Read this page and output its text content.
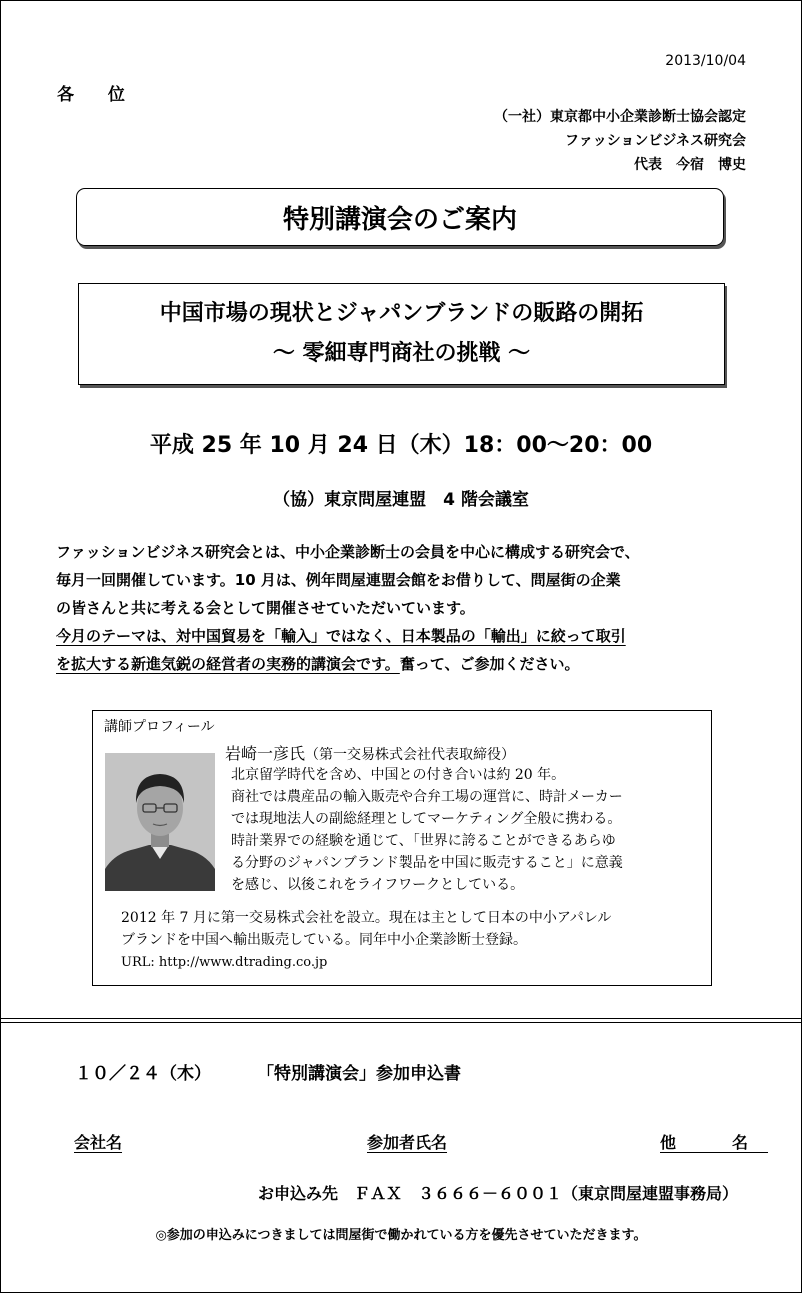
2013/10/04
各 位
（一社）東京都中小企業診断士協会認定
ファッションビジネス研究会
代表　今宿　博史
特別講演会のご案内
中国市場の現状とジャパンブランドの販路の開拓
～ 零細専門商社の挑戦 ～
平成 25 年 10 月 24 日（木）18：00～20：00
（協）東京問屋連盟　4 階会議室
ファッションビジネス研究会とは、中小企業診断士の会員を中心に構成する研究会で、
毎月一回開催しています。10 月は、例年問屋連盟会館をお借りして、問屋街の企業
の皆さんと共に考える会として開催させていただいています。
今月のテーマは、対中国貿易を「輸入」ではなく、日本製品の「輸出」に絞って取引
を拡大する新進気鋭の経営者の実務的講演会です。奮って、ご参加ください。
講師プロフィール
岩崎一彦氏（第一交易株式会社代表取締役）
北京留学時代を含め、中国との付き合いは約 20 年。
商社では農産品の輸入販売や合弁工場の運営に、時計メーカー
では現地法人の副総経理としてマーケティング全般に携わる。
時計業界での経験を通じて、「世界に誇ることができるあらゆ
る分野のジャパンブランド製品を中国に販売すること」に意義
を感じ、以後これをライフワークとしている。
2012 年 7 月に第一交易株式会社を設立。現在は主として日本の中小アパレル
ブランドを中国へ輸出販売している。同年中小企業診断士登録。
URL: http://www.dtrading.co.jp
１０／２４（木）	「特別講演会」参加申込書
会社名	参加者氏名	他　名
お申込み先　ＦＡＸ　３６６６－６００１（東京問屋連盟事務局）
◎参加の申込みにつきましては問屋街で働かれている方を優先させていただきます。
